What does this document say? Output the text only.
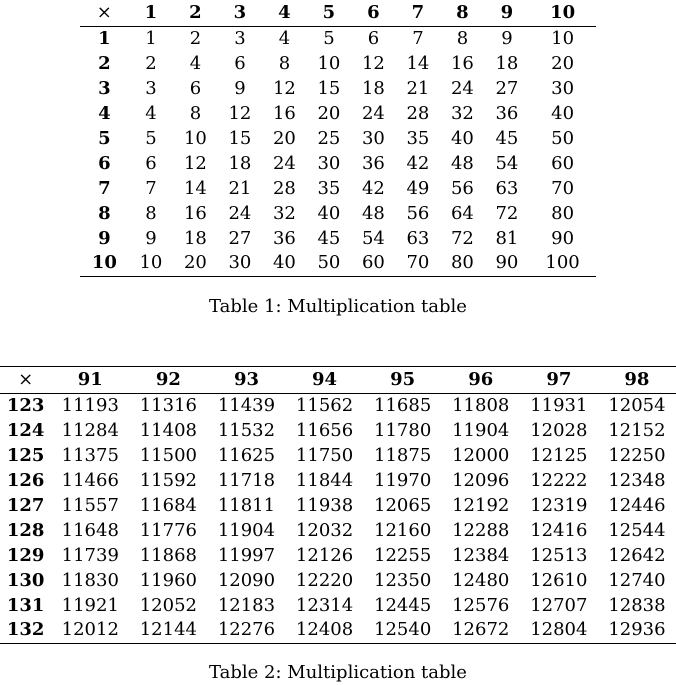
×	1	2	3	4	5	6	7	8	9	10
1	1	2	3	4	5	6	7	8	9	10
2	2	4	6	8	10	12	14	16	18	20
3	3	6	9	12	15	18	21	24	27	30
4	4	8	12	16	20	24	28	32	36	40
5	5	10	15	20	25	30	35	40	45	50
6	6	12	18	24	30	36	42	48	54	60
7	7	14	21	28	35	42	49	56	63	70
8	8	16	24	32	40	48	56	64	72	80
9	9	18	27	36	45	54	63	72	81	90
10	10	20	30	40	50	60	70	80	90	100
Table 1: Multiplication table
×	91	92	93	94	95	96	97	98
123	11193	11316	11439	11562	11685	11808	11931	12054
124	11284	11408	11532	11656	11780	11904	12028	12152
125	11375	11500	11625	11750	11875	12000	12125	12250
126	11466	11592	11718	11844	11970	12096	12222	12348
127	11557	11684	11811	11938	12065	12192	12319	12446
128	11648	11776	11904	12032	12160	12288	12416	12544
129	11739	11868	11997	12126	12255	12384	12513	12642
130	11830	11960	12090	12220	12350	12480	12610	12740
131	11921	12052	12183	12314	12445	12576	12707	12838
132	12012	12144	12276	12408	12540	12672	12804	12936
Table 2: Multiplication table
